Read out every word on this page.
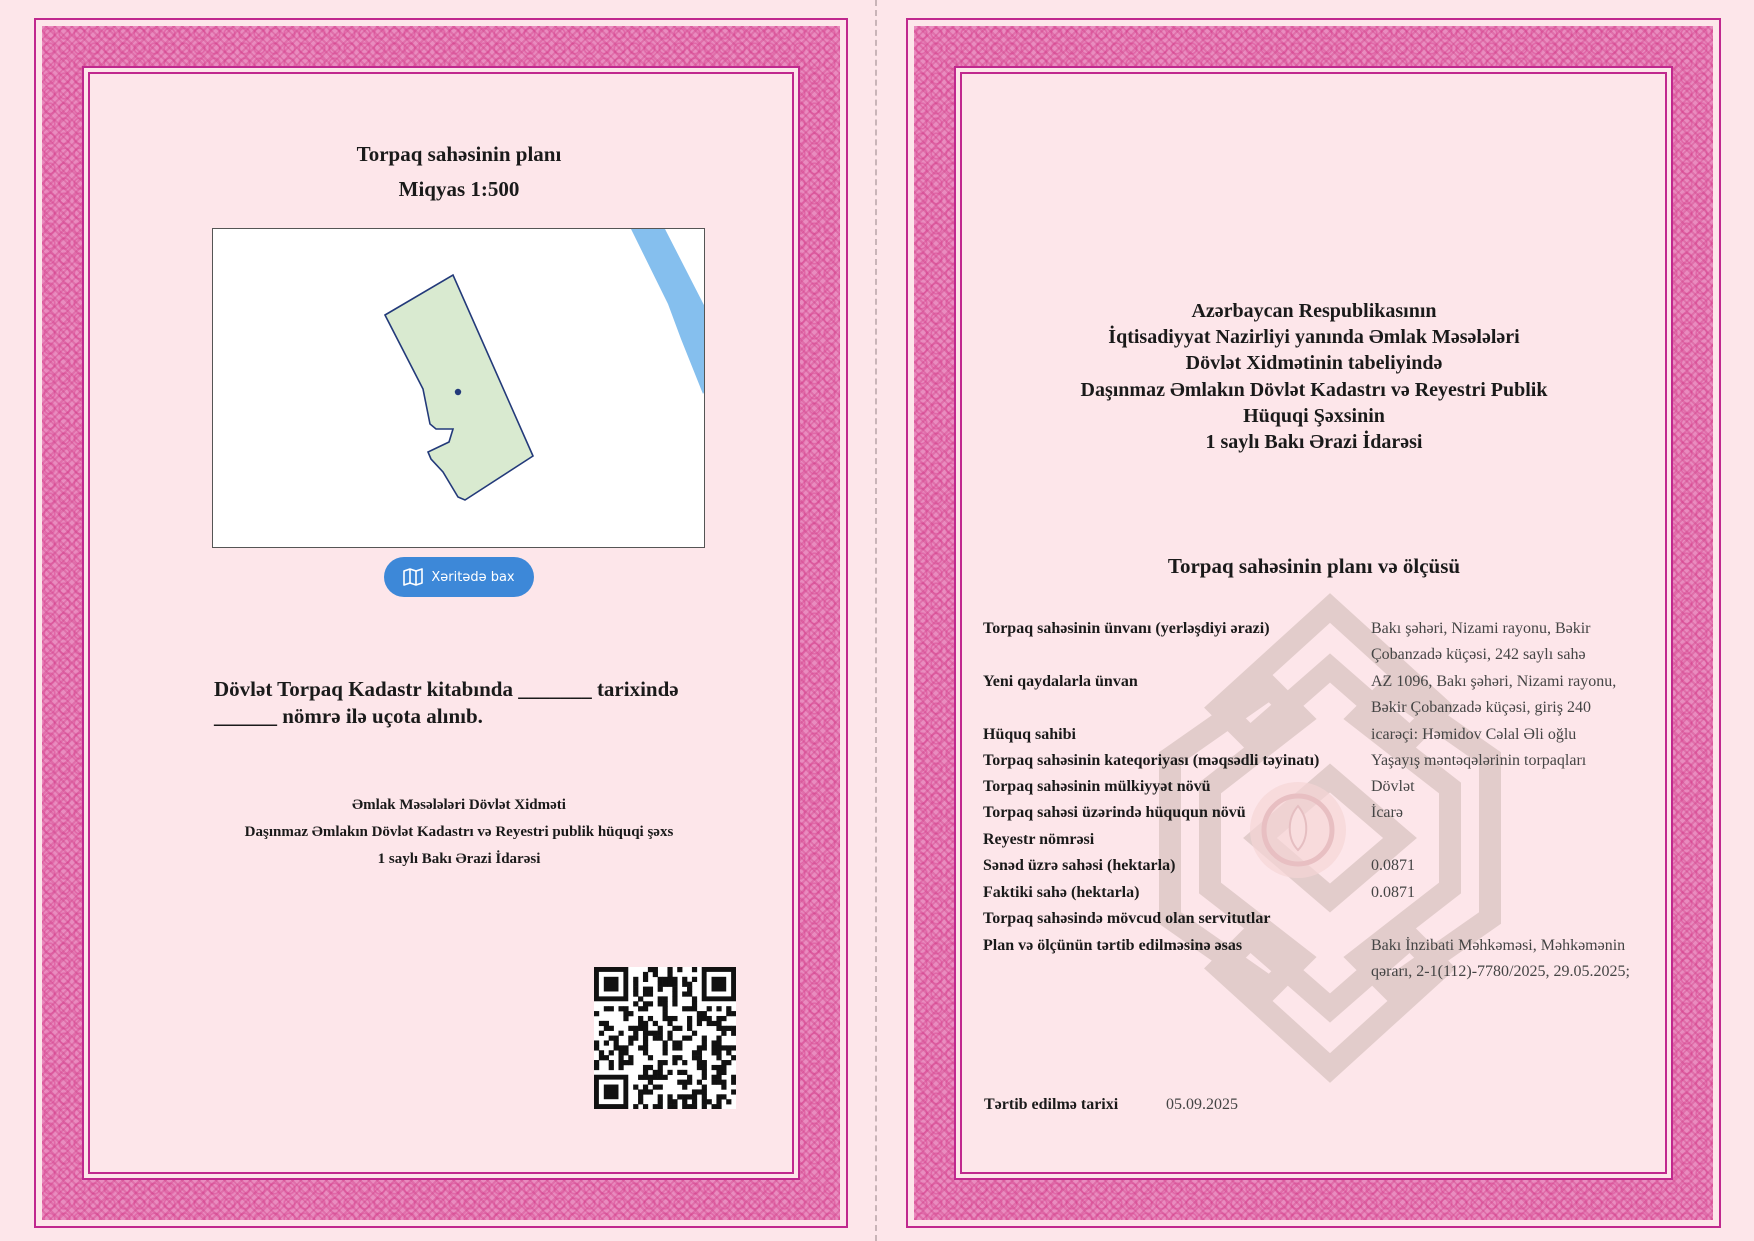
Torpaq sahəsinin planı
Miqyas 1:500
Xəritədə bax
Dövlət Torpaq Kadastr kitabında _______ tarixində
______ nömrə ilə uçota alınıb.
Əmlak Məsələləri Dövlət Xidməti
Daşınmaz Əmlakın Dövlət Kadastrı və Reyestri publik hüquqi şəxs
1 saylı Bakı Ərazi İdarəsi
Azərbaycan Respublikasının
İqtisadiyyat Nazirliyi yanında Əmlak Məsələləri
Dövlət Xidmətinin tabeliyində
Daşınmaz Əmlakın Dövlət Kadastrı və Reyestri Publik
Hüquqi Şəxsinin
1 saylı Bakı Ərazi İdarəsi
Torpaq sahəsinin planı və ölçüsü
Torpaq sahəsinin ünvanı (yerləşdiyi ərazi)	Bakı şəhəri, Nizami rayonu, Bəkir
Çobanzadə küçəsi, 242 saylı sahə
Yeni qaydalarla ünvan	AZ 1096, Bakı şəhəri, Nizami rayonu,
Bəkir Çobanzadə küçəsi, giriş 240
Hüquq sahibi	icarəçi: Həmidov Cəlal Əli oğlu
Torpaq sahəsinin kateqoriyası (məqsədli təyinatı)	Yaşayış məntəqələrinin torpaqları
Torpaq sahəsinin mülkiyyət növü	Dövlət
Torpaq sahəsi üzərində hüququn növü	İcarə
Reyestr nömrəsi
Sənəd üzrə sahəsi (hektarla)	0.0871
Faktiki sahə (hektarla)	0.0871
Torpaq sahəsində mövcud olan servitutlar
Plan və ölçünün tərtib edilməsinə əsas	Bakı İnzibati Məhkəməsi, Məhkəmənin
qərarı, 2-1(112)-7780/2025, 29.05.2025;
Tərtib edilmə tarixi	05.09.2025
